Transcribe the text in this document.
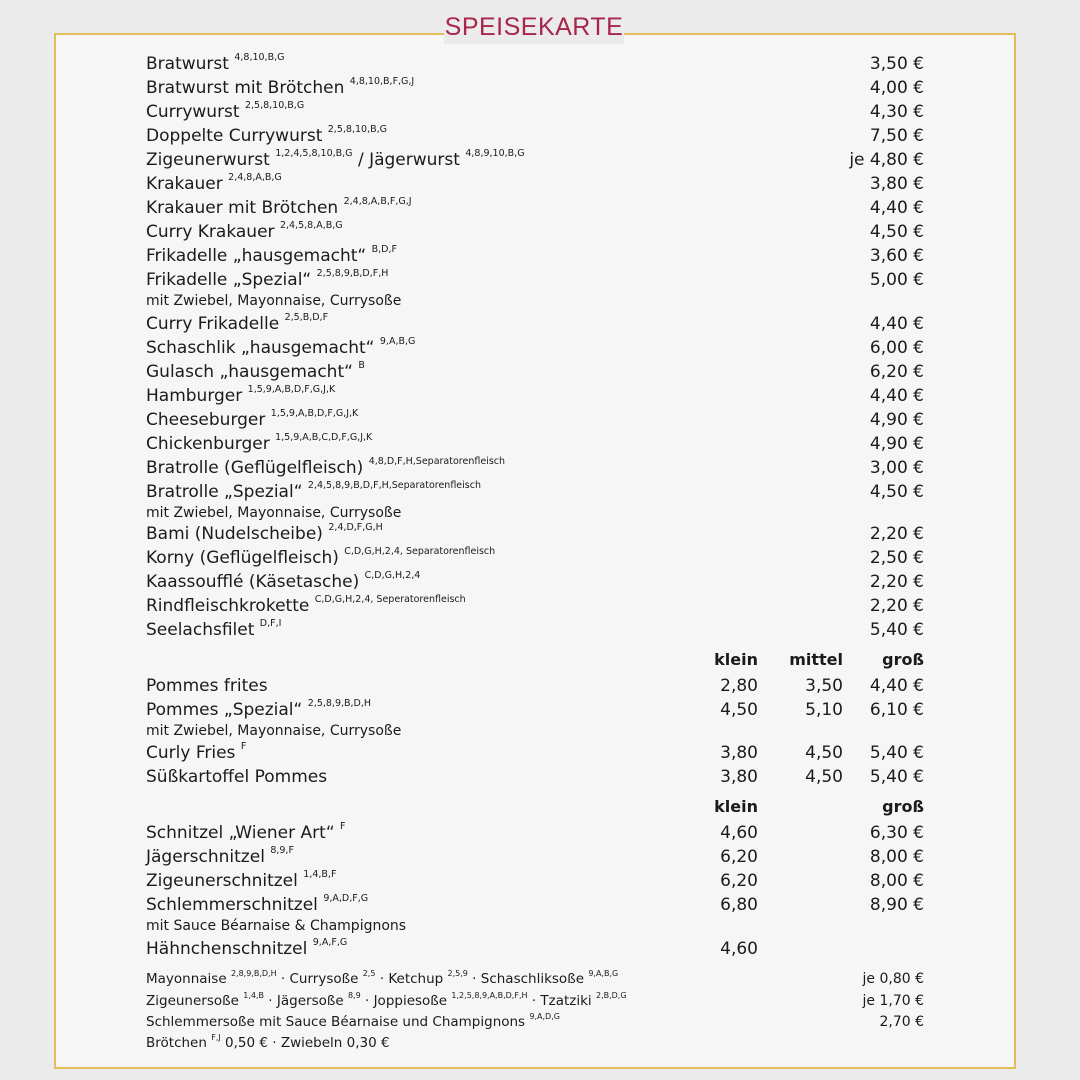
SPEISEKARTE
Bratwurst $^{4,8,10,B,G}$	3,50 €
Bratwurst mit Brötchen $^{4,8,10,B,F,G,J}$	4,00 €
Currywurst $^{2,5,8,10,B,G}$	4,30 €
Doppelte Currywurst $^{2,5,8,10,B,G}$	7,50 €
Zigeunerwurst $^{1,2,4,5,8,10,B,G}$ / Jägerwurst $^{4,8,9,10,B,G}$	je 4,80 €
Krakauer $^{2,4,8,A,B,G}$	3,80 €
Krakauer mit Brötchen $^{2,4,8,A,B,F,G,J}$	4,40 €
Curry Krakauer $^{2,4,5,8,A,B,G}$	4,50 €
Frikadelle „hausgemacht“ $^{B,D,F}$	3,60 €
Frikadelle „Spezial“ $^{2,5,8,9,B,D,F,H}$	5,00 €
mit Zwiebel, Mayonnaise, Currysoße
Curry Frikadelle $^{2,5,B,D,F}$	4,40 €
Schaschlik „hausgemacht“ $^{9,A,B,G}$	6,00 €
Gulasch „hausgemacht“ $^B$	6,20 €
Hamburger $^{1,5,9,A,B,D,F,G,J,K}$	4,40 €
Cheeseburger $^{1,5,9,A,B,D,F,G,J,K}$	4,90 €
Chickenburger $^{1,5,9,A,B,C,D,F,G,J,K}$	4,90 €
Bratrolle (Geflügelfleisch) $^{4,8,D,F,H,Separatorenfleisch}$	3,00 €
Bratrolle „Spezial“ $^{2,4,5,8,9,B,D,F,H,Separatorenfleisch}$	4,50 €
mit Zwiebel, Mayonnaise, Currysoße
Bami (Nudelscheibe) $^{2,4,D,F,G,H}$	2,20 €
Korny (Geflügelfleisch) $^{C,D,G,H,2,4, Separatorenfleisch}$	2,50 €
Kaassoufflé (Käsetasche) $^{C,D,G,H,2,4}$	2,20 €
Rindfleischkrokette $^{C,D,G,H,2,4, Seperatorenfleisch}$	2,20 €
Seelachsfilet $^{D,F,I}$	5,40 €
klein mittel groß
Pommes frites	2,80	3,50 4,40 €
Pommes „Spezial“ $^{2,5,8,9,B,D,H}$	4,50	5,10 6,10 €
mit Zwiebel, Mayonnaise, Currysoße
Curly Fries $^F$	3,80	4,50 5,40 €
Süßkartoffel Pommes	3,80	4,50 5,40 €
klein	groß
Schnitzel „Wiener Art“ $^F$	4,60	6,30 €
Jägerschnitzel $^{8,9,F}$	6,20	8,00 €
Zigeunerschnitzel $^{1,4,B,F}$	6,20	8,00 €
Schlemmerschnitzel $^{9,A,D,F,G}$	6,80	8,90 €
mit Sauce Béarnaise & Champignons
Hähnchenschnitzel $^{9,A,F,G}$	4,60
Mayonnaise $^{2,8,9,B,D,H}$ · Currysoße $^{2,5}$ · Ketchup $^{2,5,9}$ · Schaschliksoße $^{9,A,B,G}$	je 0,80 €
Zigeunersoße $^{1,4,B}$ · Jägersoße $^{8,9}$ · Joppiesoße $^{1,2,5,8,9,A,B,D,F,H}$ · Tzatziki $^{2,B,D,G}$	je 1,70 €
Schlemmersoße mit Sauce Béarnaise und Champignons $^{9,A,D,G}$	2,70 €
Brötchen $^{F,J}$ 0,50 € · Zwiebeln 0,30 €
